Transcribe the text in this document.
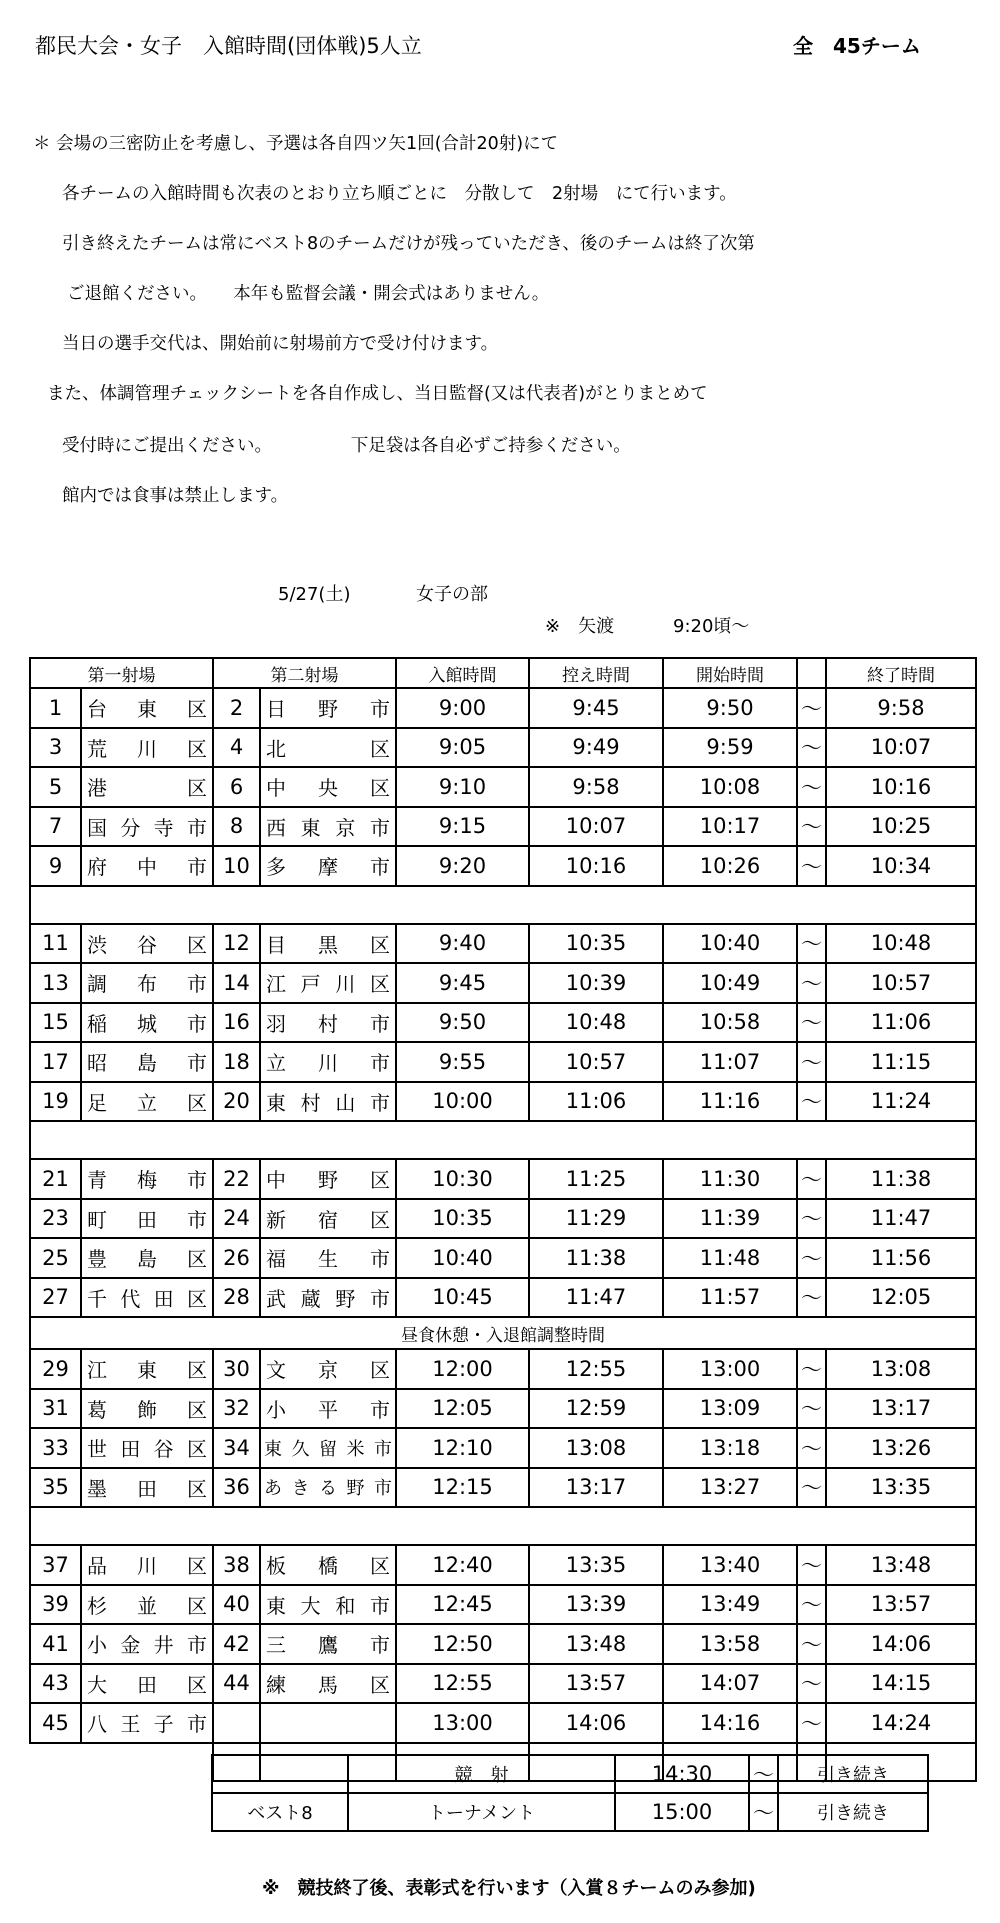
都民大会・女子　入館時間(団体戦)5人立	全　45チーム
＊ 会場の三密防止を考慮し、予選は各自四ツ矢1回(合計20射)にて
各チームの入館時間も次表のとおり立ち順ごとに　分散して　2射場　にて行います。
引き終えたチームは常にベスト8のチームだけが残っていただき、後のチームは終了次第
ご退館ください。　　本年も監督会議・開会式はありません。
当日の選手交代は、開始前に射場前方で受け付けます。
また、体調管理チェックシートを各自作成し、当日監督(又は代表者)がとりまとめて
受付時にご提出ください。　　　　　下足袋は各自必ずご持参ください。
館内では食事は禁止します。
5/27(土)	女子の部
※　矢渡	9:20頃～
第一射場		第二射場		入館時間	控え時間	開始時間		終了時間
1	台 東 区	2	日 野 市	9:00	9:45	9:50	～	9:58
3	荒 川 区	4	北 区	9:05	9:49	9:59	～	10:07
5	港 区	6	中 央 区	9:10	9:58	10:08	～	10:16
7	国 分 寺 市	8	西 東 京 市	9:15	10:07	10:17	～	10:25
9	府 中 市	10	多 摩 市	9:20	10:16	10:26	～	10:34

11	渋 谷 区	12	目 黒 区	9:40	10:35	10:40	～	10:48
13	調 布 市	14	江 戸 川 区	9:45	10:39	10:49	～	10:57
15	稲 城 市	16	羽 村 市	9:50	10:48	10:58	～	11:06
17	昭 島 市	18	立 川 市	9:55	10:57	11:07	～	11:15
19	足 立 区	20	東 村 山 市	10:00	11:06	11:16	～	11:24

21	青 梅 市	22	中 野 区	10:30	11:25	11:30	～	11:38
23	町 田 市	24	新 宿 区	10:35	11:29	11:39	～	11:47
25	豊 島 区	26	福 生 市	10:40	11:38	11:48	～	11:56
27	千 代 田 区	28	武 蔵 野 市	10:45	11:47	11:57	～	12:05
昼食休憩・入退館調整時間								
29	江 東 区	30	文 京 区	12:00	12:55	13:00	～	13:08
31	葛 飾 区	32	小 平 市	12:05	12:59	13:09	～	13:17
33	世 田 谷 区	34	東 久 留 米 市	12:10	13:08	13:18	～	13:26
35	墨 田 区	36	あ き る 野 市	12:15	13:17	13:27	～	13:35

37	品 川 区	38	板 橋 区	12:40	13:35	13:40	～	13:48
39	杉 並 区	40	東 大 和 市	12:45	13:39	13:49	～	13:57
41	小 金 井 市	42	三 鷹 市	12:50	13:48	13:58	～	14:06
43	大 田 区	44	練 馬 区	12:55	13:57	14:07	～	14:15
45	八 王 子 市			13:00	14:06	14:16	～	14:24

	競　射	14:30	～	引き続き
ベスト8	トーナメント	15:00	～	引き続き
※　競技終了後、表彰式を行います（入賞８チームのみ参加)
